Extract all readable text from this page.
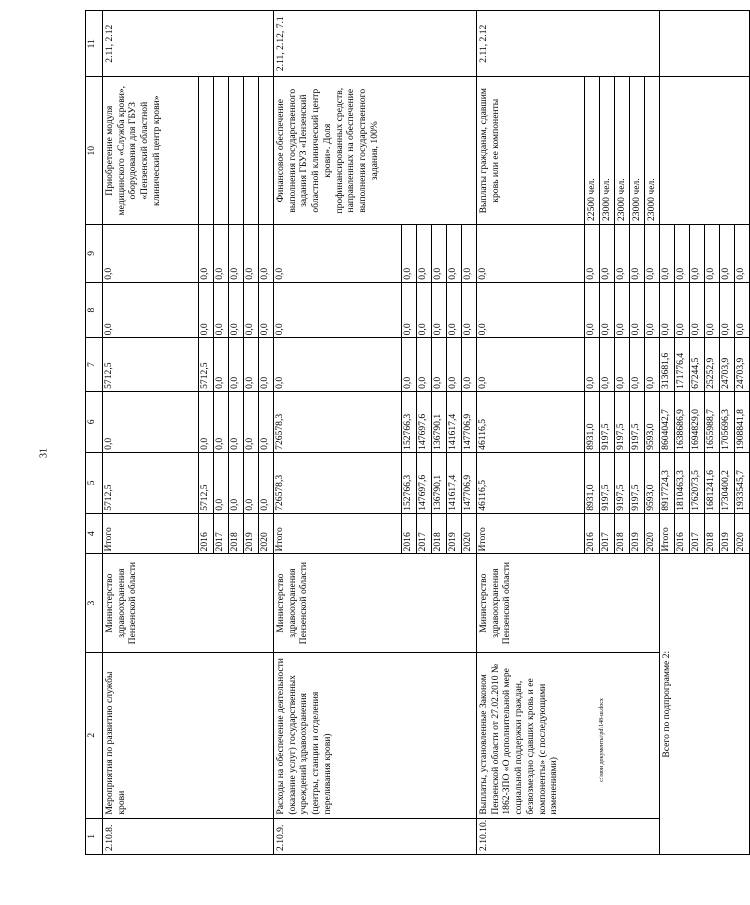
31
c:\мои документы\pd\148-ш.docx
1	2	3	4	5	6	7	8	9	10	11
2.10.8.	Мероприятия по развитию службы крови	Министерство здравоохранения Пензенской области	Итого	5712,5	0,0	5712,5	0,0	0,0	Приобретение модуля медицинского «Служба крови», оборудования для ГБУЗ «Пензенский областной клинический центр крови»	2.11, 2.12
			2016	5712,5	0,0	5712,5	0,0	0,0		
			2017	0,0	0,0	0,0	0,0	0,0		
			2018	0,0	0,0	0,0	0,0	0,0		
			2019	0,0	0,0	0,0	0,0	0,0		
			2020	0,0	0,0	0,0	0,0	0,0		
2.10.9.	Расходы на обеспечение деятельности (оказание услуг) государственных учреждений здравоохранения (центры, станции и отделения переливания крови)	Министерство здравоохранения Пензенской области	Итого	726578,3	726578,3	0,0	0,0	0,0	Финансовое обеспечение выполнения государственного задания ГБУЗ «Пензенский областной клинический центр крови». Доля профинансированных средств, направленных на обеспечение выполнения государственного задания, 100%	2.11, 2.12, 7.1
			2016	152766,3	152766,3	0,0	0,0	0,0		
			2017	147697,6	147697,6	0,0	0,0	0,0		
			2018	136790,1	136790,1	0,0	0,0	0,0		
			2019	141617,4	141617,4	0,0	0,0	0,0		
			2020	147706,9	147706,9	0,0	0,0	0,0		
2.10.10.	Выплаты, установленные Законом Пензенской области от 27.02.2010 № 1862-ЗПО «О дополнительной мере социальной поддержки граждан, безвозмездно сдавших кровь и ее компоненты» (с последующими изменениями)	Министерство здравоохранения Пензенской области	Итого	46116,5	46116,5	0,0	0,0	0,0	Выплаты гражданам, сдавшим кровь или ее компоненты	2.11, 2.12
			2016	8931,0	8931,0	0,0	0,0	0,0	22500 чел.	
			2017	9197,5	9197,5	0,0	0,0	0,0	23000 чел.	
			2018	9197,5	9197,5	0,0	0,0	0,0	23000 чел.	
			2019	9197,5	9197,5	0,0	0,0	0,0	23000 чел.	
			2020	9593,0	9593,0	0,0	0,0	0,0	23000 чел.	
Всего по подпрограмме 2:			Итого	8917724,3	8604042,7	313681,6	0,0	0,0		
			2016	1810463,3	1638686,9	171776,4	0,0	0,0		
			2017	1762073,5	1694829,0	67244,5	0,0	0,0		
			2018	1681241,6	1655988,7	25252,9	0,0	0,0		
			2019	1730400,2	1705696,3	24703,9	0,0	0,0		
			2020	1933545,7	1908841,8	24703,9	0,0	0,0		
